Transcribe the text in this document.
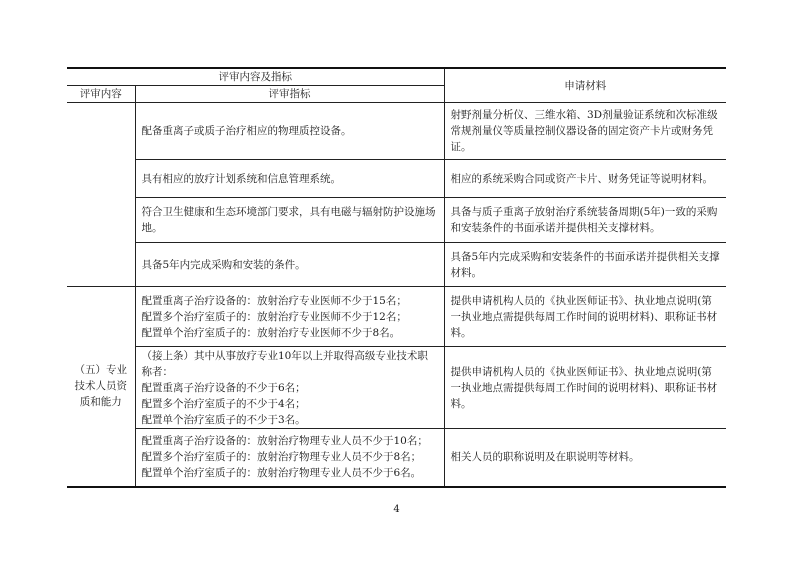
评审内容及指标		申请材料
评审内容	评审指标	

	配备重离子或质子治疗相应的物理质控设备。	射野剂量分析仪、三维水箱、3D剂量验证系统和次标准级常规剂量仪等质量控制仪器设备的固定资产卡片或财务凭证。

	具有相应的放疗计划系统和信息管理系统。	相应的系统采购合同或资产卡片、财务凭证等说明材料。

	符合卫生健康和生态环境部门要求，具有电磁与辐射防护设施场地。	具备与质子重离子放射治疗系统装备周期(5年)一致的采购和安装条件的书面承诺并提供相关支撑材料。

	具备5年内完成采购和安装的条件。	具备5年内完成采购和安装条件的书面承诺并提供相关支撑材料。

（五）专业
技术人员资
质和能力	配置重离子治疗设备的：放射治疗专业医师不少于15名；
配置多个治疗室质子的：放射治疗专业医师不少于12名；
配置单个治疗室质子的：放射治疗专业医师不少于8名。	提供申请机构人员的《执业医师证书》、执业地点说明(第一执业地点需提供每周工作时间的说明材料)、职称证书材料。

	（接上条）其中从事放疗专业10年以上并取得高级专业技术职称者：
配置重离子治疗设备的不少于6名；
配置多个治疗室质子的不少于4名；
配置单个治疗室质子的不少于3名。	提供申请机构人员的《执业医师证书》、执业地点说明(第一执业地点需提供每周工作时间的说明材料)、职称证书材料。

	配置重离子治疗设备的：放射治疗物理专业人员不少于10名；
配置多个治疗室质子的：放射治疗物理专业人员不少于8名；
配置单个治疗室质子的：放射治疗物理专业人员不少于6名。	相关人员的职称说明及在职说明等材料。
4
